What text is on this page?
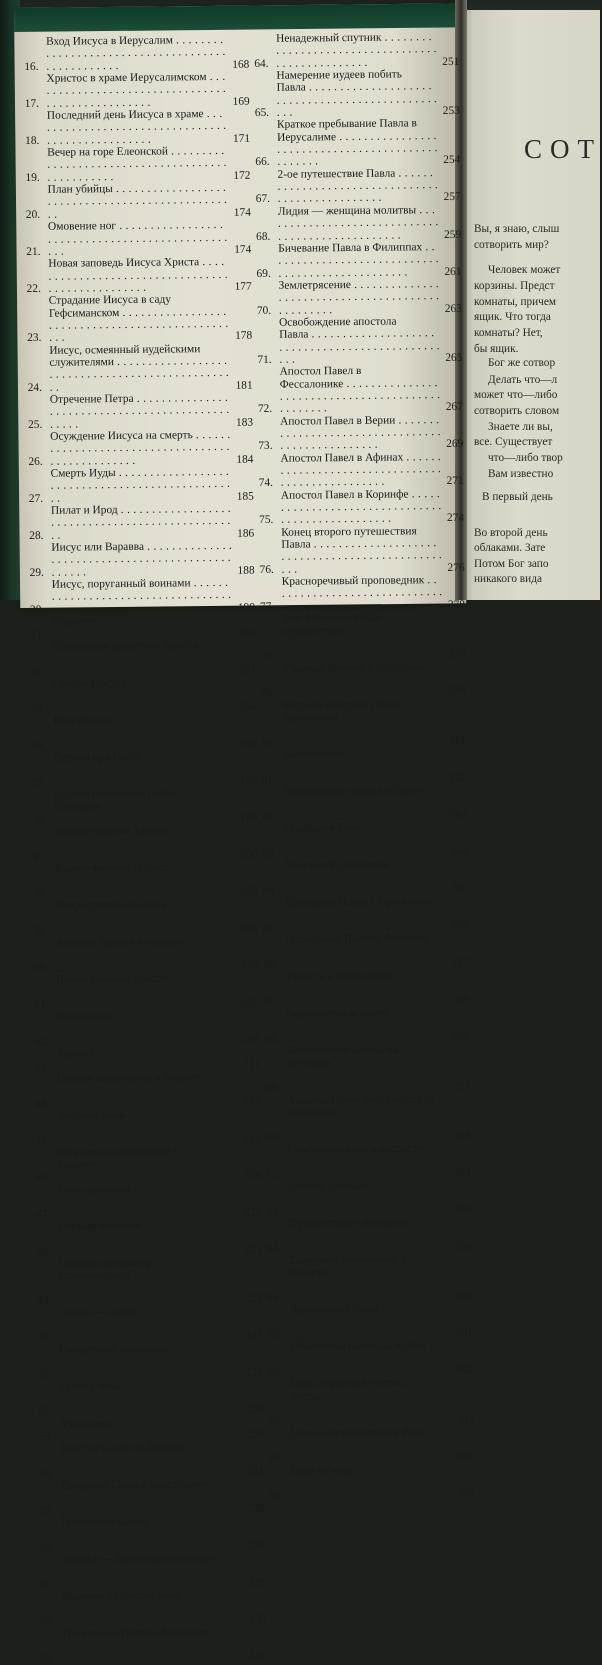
16.
Вход Иисуса в Иерусалим . . .
168
17.
Христос в храме Иерусалимском . . .
169
18.
Последний день Иисуса в храме . . .
171
19.
Вечер на горе Елеонской . . .
172
20.
План убийцы . . .
174
21.
Омовение ног . . .
174
22.
Новая заповедь Иисуса Христа . . .
177
23.
Страдание Иисуса в саду
Гефсиманском . . .
178
24.
Иисус, осмеянный иудейскими
служителями . . .
181
25.
Отречение Петра . . .
183
26.
Осуждение Иисуса на смерть . . .
184
27.
Смерть Иуды . . .
185
28.
Пилат и Ирод . . .
186
29.
Иисус или Варавва . . .
188
30.
Иисус, поруганный воинами . . .
190
31.
Распятие . . .
191
32.
Поношение распятого Христа . . .
193
33.
Смерть Иисуса . . .
194
34.
Погребение . . .
196
35.
Стража при гробе . . .
197
36.
Первое посещение гроба
Господня . . .
199
37.
Первое явление Христа . . .
200
38.
Второе явление Иисуса . . .
202
39.
Непростительная ложь . . .
204
40.
Явление Христа ученикам . . .
205
41.
Новые явления Христа . . .
207
42.
Вознесение . . .
209
43.
Хромой . . .
211
44.
Первое заключение в тюрьму . . .
213
45.
Двойная ложь . . .
215
46.
Вторичное заключение в
тюрьму . . .
218
47.
Семь диаконов . . .
220
48.
Первый мученик . . .
221
49.
Первый миссионер
(проповедник) . . .
223
50.
Симон — волхв . . .
225
51.
Смиренный вельможа . . .
226
52.
Голос с неба . . .
228
53.
Утешение . . .
230
54.
Бегство Савла из Дамаска . . .
231
55.
Свидание Савла с апостолами . . .
232
56.
Повеление Божие . . .
233
57.
Тавифа — благотворительница . . .
236
58.
Видение на крыше дома . . .
238
59.
Посещение Петром Корнилия . . .
240
64.
Ненадежный спутник . . .
251
65.
Намерение иудеев побить
Павла . . .
253
66.
Краткое пребывание Павла в
Иерусалиме . . .
254
67.
2-ое путешествие Павла . . .
257
68.
Лидия — женщина молитвы . . .
259
69.
Бичевание Павла в Филиппах . . .
261
70.
Землетрясение . . .
263
71.
Освобождение апостола
Павла . . .
265
72.
Апостол Павел в
Фессалонике . . .
267
73.
Апостол Павел в Верии . . .
269
74.
Апостол Павел в Афинах . . .
271
75.
Апостол Павел в Коринфе . . .
274
76.
Конец второго путешествия
Павла . . .
276
77.
Красноречивый проповедник . . .
278
78.
3-ое Миссионерское
путешествие . . .
279
79.
Ученики Иоанна Крестителя . . .
280
80.
Встреча апостола Павла с
Аполлосом . . .
281
81.
Заклинатели . . .
282
82.
Возмущение народа в Ефесе . . .
283
83.
Прибытие Тита . . .
284
84.
Уснувший слушатель . . .
285
85.
Прощание Павла с ефесянами . . .
286
86.
Посещение Павлом Филиппа . . .
287
87.
Радость в Иерусалиме . . .
289
88.
Возмущение в храме . . .
290
89.
Возмущение народа на
лестнице . . .
291
90.
Апостол Павел избавляется от
наказания . . .
293
91.
Счастливая ночь в крепости . . .
294
92.
Заговор раскрыт . . .
296
93.
Путешествие в Кесарию . . .
298
94.
Тюремное заключение в
Кесарии . . .
300
95.
Испуганный судья . . .
301
96.
Обманутые надежды иудеев . . .
302
97.
Царь Агриппа в гостях у
Феста . . .
304
98.
Начало путешествия в Рим . . .
306
99.
Буря на море . . .
308
СОТ
Вы, я знаю, слыш
сотворить мир?
Человек может
корзины. Предст
комнаты, причем
ящик. Что тогда
комнаты? Нет,
бы ящик.
Бог же сотвор
Делать что—л
может что—либо
сотворить словом
Знаете ли вы,
все. Существует
что—либо твор
Вам известно
В первый день
Во второй день
облаками. Зате
Потом Бог запо
никакого вида
